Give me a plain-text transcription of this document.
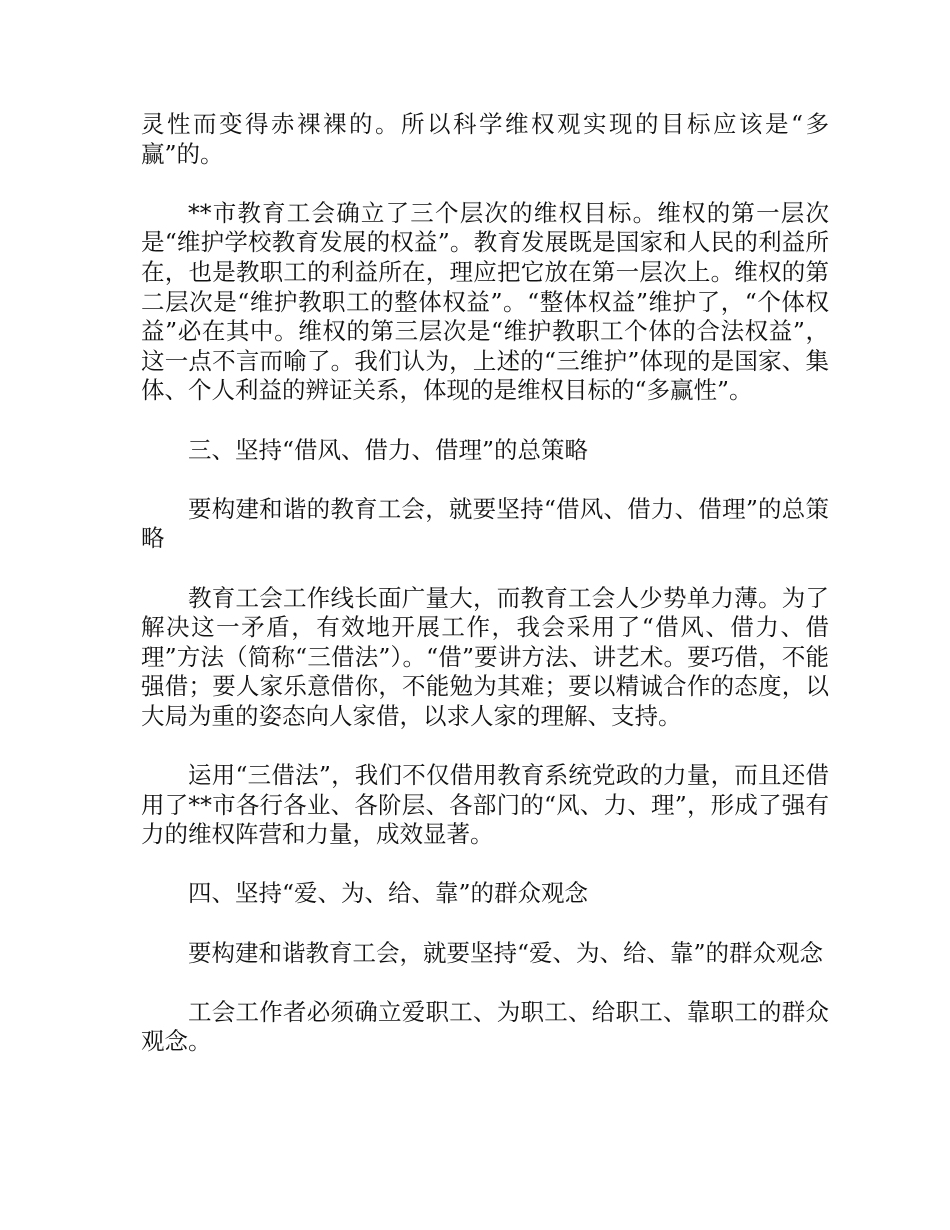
灵性而变得赤裸裸的。所以科学维权观实现的目标应该是“多赢”的。

**市教育工会确立了三个层次的维权目标。维权的第一层次是“维护学校教育发展的权益”。教育发展既是国家和人民的利益所在，也是教职工的利益所在，理应把它放在第一层次上。维权的第二层次是“维护教职工的整体权益”。“整体权益”维护了，“个体权益”必在其中。维权的第三层次是“维护教职工个体的合法权益”，这一点不言而喻了。我们认为，上述的“三维护”体现的是国家、集体、个人利益的辨证关系，体现的是维权目标的“多赢性”。

三、坚持“借风、借力、借理”的总策略

要构建和谐的教育工会，就要坚持“借风、借力、借理”的总策略

教育工会工作线长面广量大，而教育工会人少势单力薄。为了解决这一矛盾，有效地开展工作，我会采用了“借风、借力、借理”方法（简称“三借法”）。“借”要讲方法、讲艺术。要巧借，不能强借；要人家乐意借你，不能勉为其难；要以精诚合作的态度，以大局为重的姿态向人家借，以求人家的理解、支持。

运用“三借法”，我们不仅借用教育系统党政的力量，而且还借用了**市各行各业、各阶层、各部门的“风、力、理”，形成了强有力的维权阵营和力量，成效显著。

四、坚持“爱、为、给、靠”的群众观念

要构建和谐教育工会，就要坚持“爱、为、给、靠”的群众观念

工会工作者必须确立爱职工、为职工、给职工、靠职工的群众观念。
